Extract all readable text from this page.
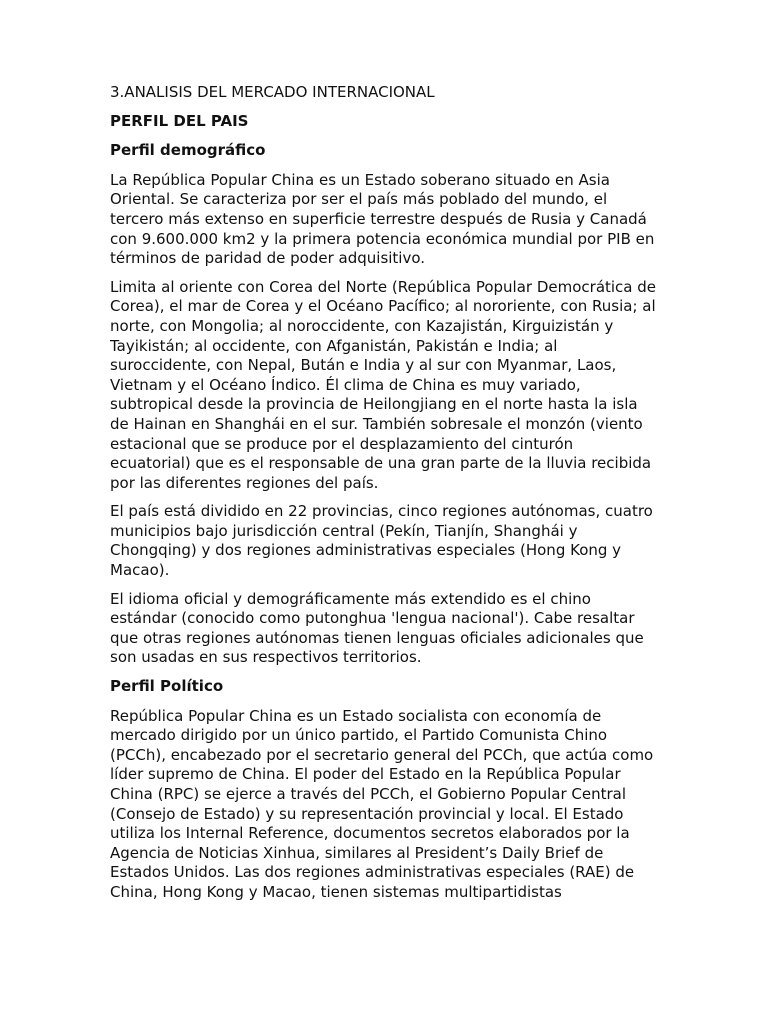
3.ANALISIS DEL MERCADO INTERNACIONAL
PERFIL DEL PAIS
Perfil demográfico

La República Popular China es un Estado soberano situado en Asia Oriental. Se caracteriza por ser el país más poblado del mundo, el tercero más extenso en superficie terrestre después de Rusia y Canadá con 9.600.000 km2 y la primera potencia económica mundial por PIB en términos de paridad de poder adquisitivo.

Limita al oriente con Corea del Norte (República Popular Democrática de Corea), el mar de Corea y el Océano Pacífico; al nororiente, con Rusia; al norte, con Mongolia; al noroccidente, con Kazajistán, Kirguizistán y Tayikistán; al occidente, con Afganistán, Pakistán e India; al suroccidente, con Nepal, Bután e India y al sur con Myanmar, Laos, Vietnam y el Océano Índico. Él clima de China es muy variado, subtropical desde la provincia de Heilongjiang en el norte hasta la isla de Hainan en Shanghái en el sur. También sobresale el monzón (viento estacional que se produce por el desplazamiento del cinturón ecuatorial) que es el responsable de una gran parte de la lluvia recibida por las diferentes regiones del país.

El país está dividido en 22 provincias, cinco regiones autónomas, cuatro municipios bajo jurisdicción central (Pekín, Tianjín, Shanghái y Chongqing) y dos regiones administrativas especiales (Hong Kong y Macao).

El idioma oficial y demográficamente más extendido es el chino estándar (conocido como putonghua 'lengua nacional'). Cabe resaltar que otras regiones autónomas tienen lenguas oficiales adicionales que son usadas en sus respectivos territorios.

Perfil Político

República Popular China es un Estado socialista con economía de mercado dirigido por un único partido, el Partido Comunista Chino (PCCh), encabezado por el secretario general del PCCh, que actúa como líder supremo de China. El poder del Estado en la República Popular China (RPC) se ejerce a través del PCCh, el Gobierno Popular Central (Consejo de Estado) y su representación provincial y local. El Estado utiliza los Internal Reference, documentos secretos elaborados por la Agencia de Noticias Xinhua, similares al President’s Daily Brief de Estados Unidos. Las dos regiones administrativas especiales (RAE) de China, Hong Kong y Macao, tienen sistemas multipartidistas
